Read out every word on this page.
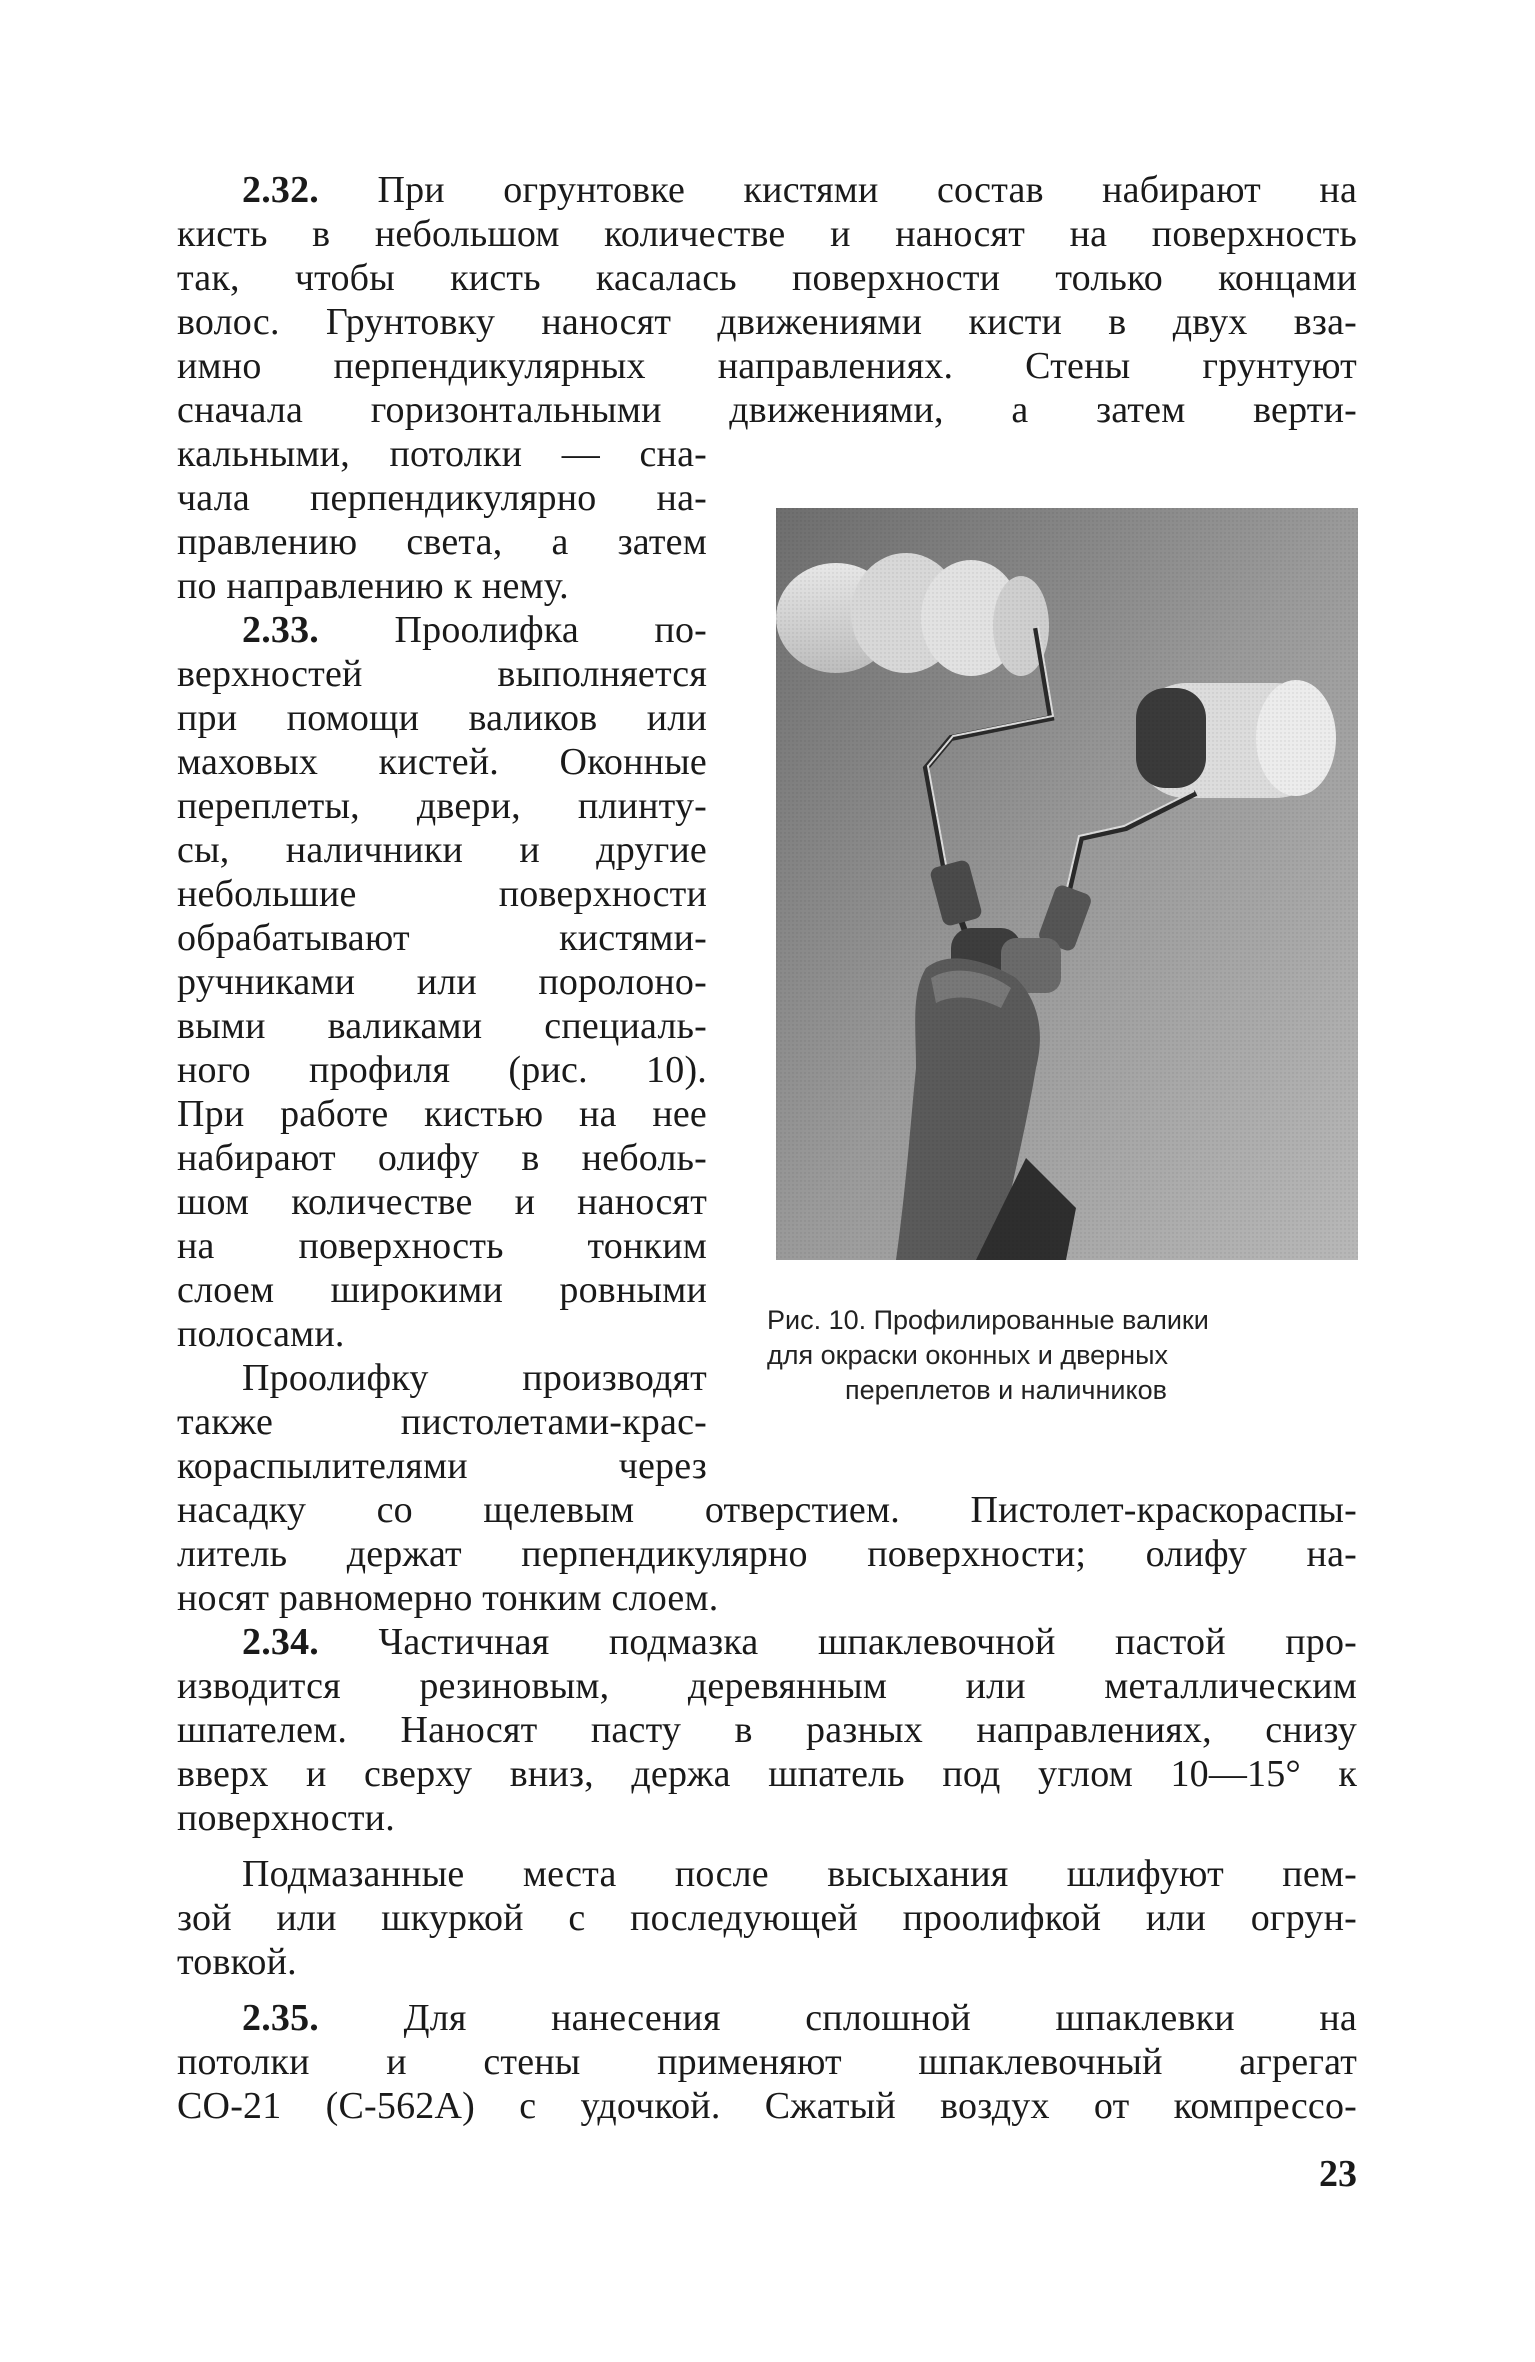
2.32. При огрунтовке кистями состав набирают на
кисть в небольшом количестве и наносят на поверхность
так, чтобы кисть касалась поверхности только концами
волос. Грунтовку наносят движениями кисти в двух вза-
имно перпендикулярных направлениях. Стены грунтуют
сначала горизонтальными движениями, а затем верти-
кальными, потолки — сна-
чала перпендикулярно на-
правлению света, а затем
по направлению к нему.
2.33. Проолифка по-
верхностей выполняется
при помощи валиков или
маховых кистей. Оконные
переплеты, двери, плинту-
сы, наличники и другие
небольшие поверхности
обрабатывают кистями-
ручниками или поролоно-
выми валиками специаль-
ного профиля (рис. 10).
При работе кистью на нее
набирают олифу в неболь-
шом количестве и наносят
на поверхность тонким
слоем широкими ровными
полосами.
Проолифку производят
также пистолетами-крас-
кораспылителями через
насадку со щелевым отверстием. Пистолет-краскораспы-
литель держат перпендикулярно поверхности; олифу на-
носят равномерно тонким слоем.
2.34. Частичная подмазка шпаклевочной пастой про-
изводится резиновым, деревянным или металлическим
шпателем. Наносят пасту в разных направлениях, снизу
вверх и сверху вниз, держа шпатель под углом 10—15° к
поверхности.
Подмазанные места после высыхания шлифуют пем-
зой или шкуркой с последующей проолифкой или огрун-
товкой.
2.35. Для нанесения сплошной шпаклевки на
потолки и стены применяют шпаклевочный агрегат
СО-21 (С-562А) с удочкой. Сжатый воздух от компрессо-
Рис. 10. Профилированные валики
для окраски оконных и дверных
переплетов и наличников
23
